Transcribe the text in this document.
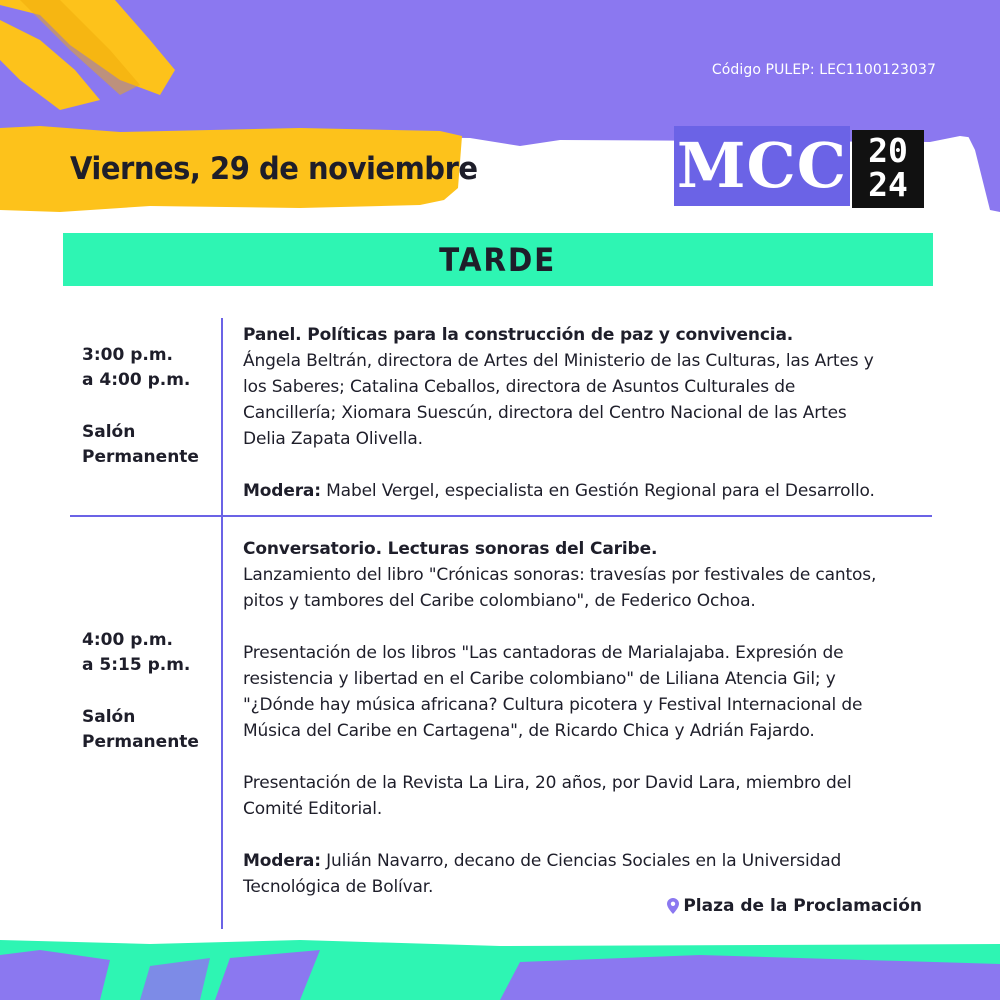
Código PULEP: LEC1100123037
Viernes, 29 de noviembre	MCC 20
24
TARDE
3:00 p.m.
a 4:00 p.m.
Salón
Permanente
Panel. Políticas para la construcción de paz y convivencia.
Ángela Beltrán, directora de Artes del Ministerio de las Culturas, las Artes y
los Saberes; Catalina Ceballos, directora de Asuntos Culturales de
Cancillería; Xiomara Suescún, directora del Centro Nacional de las Artes
Delia Zapata Olivella.
Modera: Mabel Vergel, especialista en Gestión Regional para el Desarrollo.
4:00 p.m.
a 5:15 p.m.
Salón
Permanente
Conversatorio. Lecturas sonoras del Caribe.
Lanzamiento del libro "Crónicas sonoras: travesías por festivales de cantos,
pitos y tambores del Caribe colombiano", de Federico Ochoa.
Presentación de los libros "Las cantadoras de Marialajaba. Expresión de
resistencia y libertad en el Caribe colombiano" de Liliana Atencia Gil; y
"¿Dónde hay música africana? Cultura picotera y Festival Internacional de
Música del Caribe en Cartagena", de Ricardo Chica y Adrián Fajardo.
Presentación de la Revista La Lira, 20 años, por David Lara, miembro del
Comité Editorial.
Modera: Julián Navarro, decano de Ciencias Sociales en la Universidad
Tecnológica de Bolívar.
Plaza de la Proclamación
